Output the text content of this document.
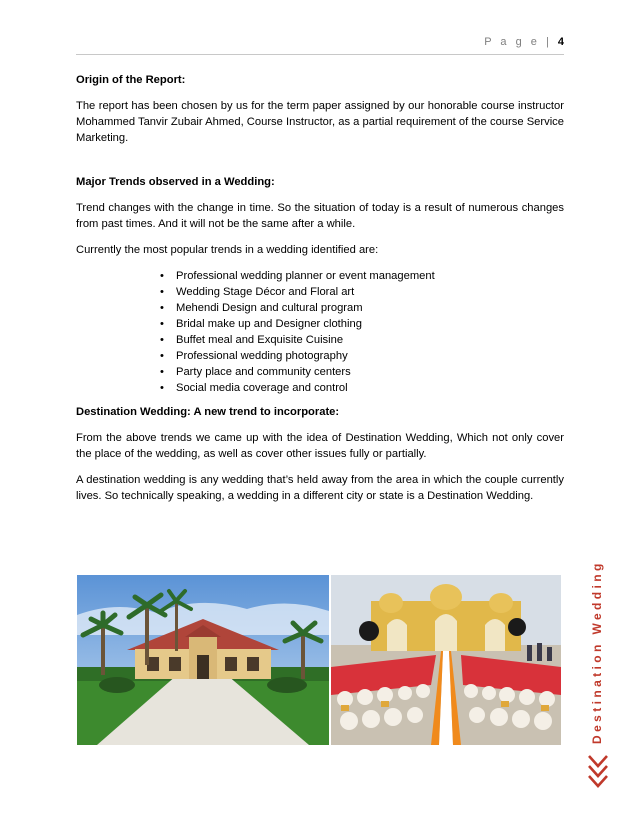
P a g e | 4
Origin of the Report:

The report has been chosen by us for the term paper assigned by our honorable course instructor Mohammed Tanvir Zubair Ahmed, Course Instructor, as a partial requirement of the course Service Marketing.

Major Trends observed in a Wedding:

Trend changes with the change in time. So the situation of today is a result of numerous changes from past times. And it will not be the same after a while.

Currently the most popular trends in a wedding identified are:

• Professional wedding planner or event management
• Wedding Stage Décor and Floral art
• Mehendi Design and cultural program
• Bridal make up and Designer clothing
• Buffet meal and Exquisite Cuisine
• Professional wedding photography
• Party place and community centers
• Social media coverage and control
Destination Wedding: A new trend to incorporate:

From the above trends we came up with the idea of Destination Wedding, Which not only cover the place of the wedding, as well as cover other issues fully or partially.

A destination wedding is any wedding that’s held away from the area in which the couple currently lives. So technically speaking, a wedding in a different city or state is a Destination Wedding.

Destination Wedding
